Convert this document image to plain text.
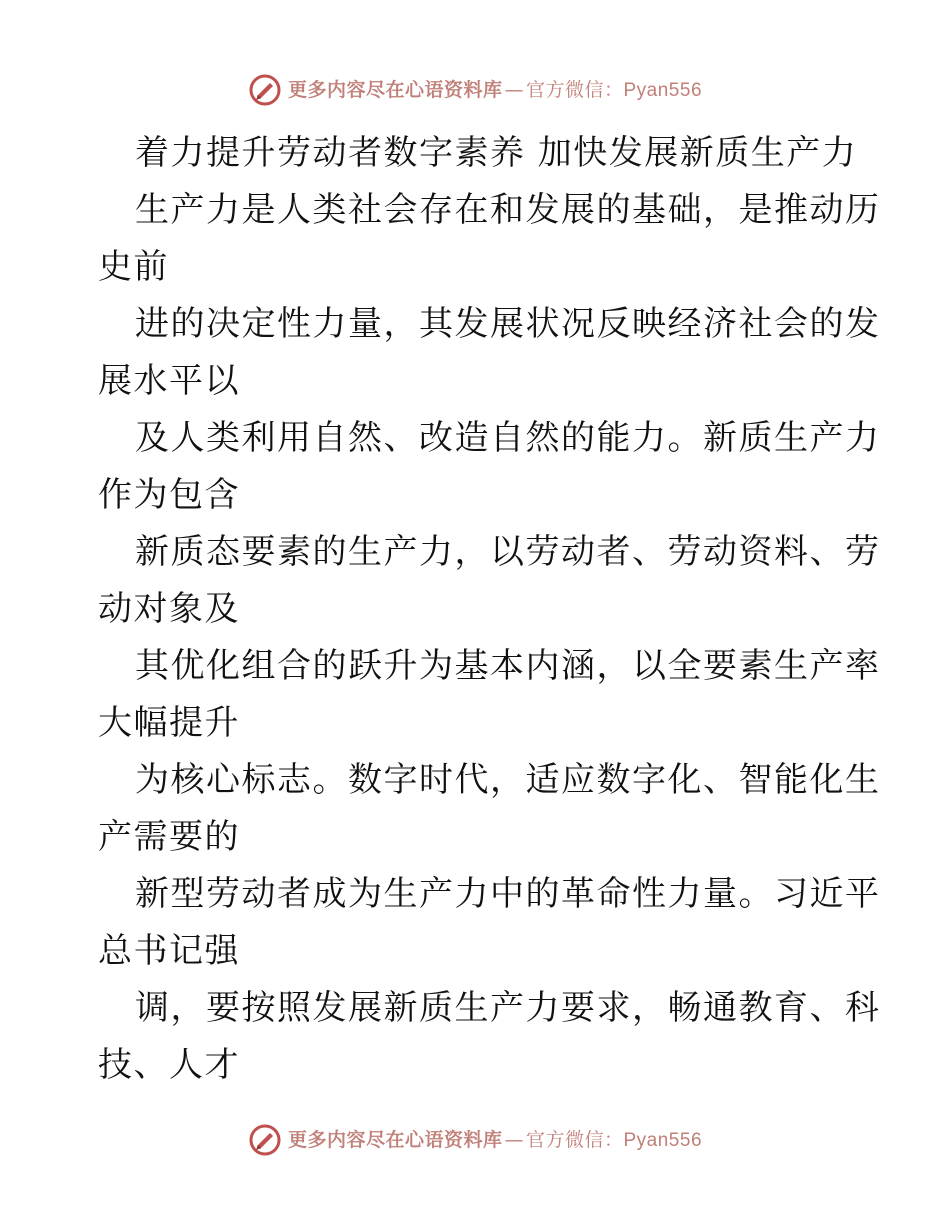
更多内容尽在心语资料库 — 官方微信： Pyan556
着力提升劳动者数字素养 加快发展新质生产力
生产力是人类社会存在和发展的基础，是推动历
史前
进的决定性力量，其发展状况反映经济社会的发
展水平以
及人类利用自然、改造自然的能力。新质生产力
作为包含
新质态要素的生产力，以劳动者、劳动资料、劳
动对象及
其优化组合的跃升为基本内涵，以全要素生产率
大幅提升
为核心标志。数字时代，适应数字化、智能化生
产需要的
新型劳动者成为生产力中的革命性力量。习近平
总书记强
调，要按照发展新质生产力要求，畅通教育、科
技、人才
更多内容尽在心语资料库 — 官方微信： Pyan556
